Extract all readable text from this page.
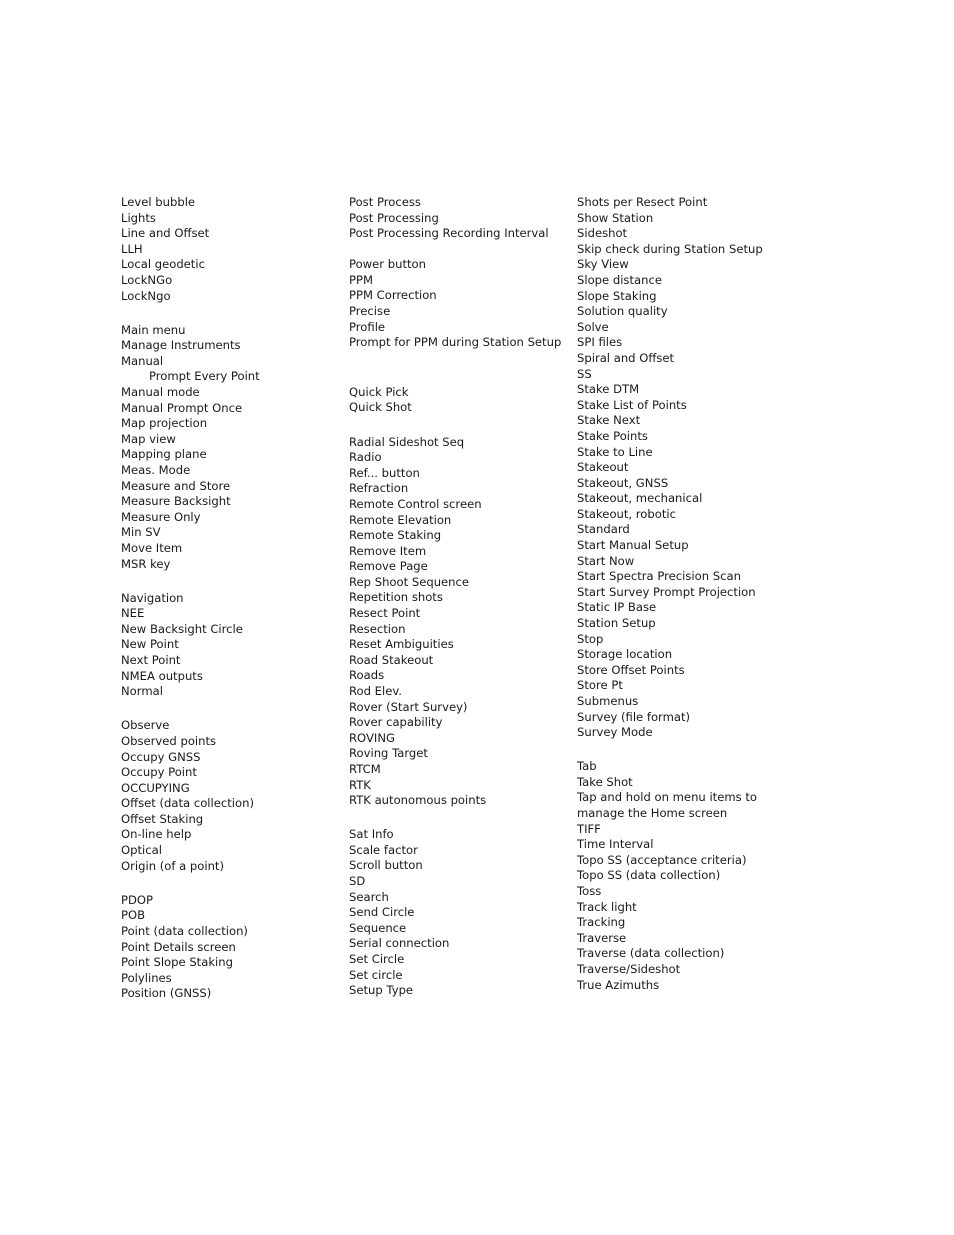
Level bubble
Lights
Line and Offset
LLH
Local geodetic
LockNGo
LockNgo
Main menu
Manage Instruments
Manual
Prompt Every Point
Manual mode
Manual Prompt Once
Map projection
Map view
Mapping plane
Meas. Mode
Measure and Store
Measure Backsight
Measure Only
Min SV
Move Item
MSR key
Navigation
NEE
New Backsight Circle
New Point
Next Point
NMEA outputs
Normal
Observe
Observed points
Occupy GNSS
Occupy Point
OCCUPYING
Offset (data collection)
Offset Staking
On-line help
Optical
Origin (of a point)
PDOP
POB
Point (data collection)
Point Details screen
Point Slope Staking
Polylines
Position (GNSS)
Post Process
Post Processing
Post Processing Recording Interval
Power button
PPM
PPM Correction
Precise
Profile
Prompt for PPM during Station Setup
Quick Pick
Quick Shot
Radial Sideshot Seq
Radio
Ref... button
Refraction
Remote Control screen
Remote Elevation
Remote Staking
Remove Item
Remove Page
Rep Shoot Sequence
Repetition shots
Resect Point
Resection
Reset Ambiguities
Road Stakeout
Roads
Rod Elev.
Rover (Start Survey)
Rover capability
ROVING
Roving Target
RTCM
RTK
RTK autonomous points
Sat Info
Scale factor
Scroll button
SD
Search
Send Circle
Sequence
Serial connection
Set Circle
Set circle
Setup Type
Shots per Resect Point
Show Station
Sideshot
Skip check during Station Setup
Sky View
Slope distance
Slope Staking
Solution quality
Solve
SPI files
Spiral and Offset
SS
Stake DTM
Stake List of Points
Stake Next
Stake Points
Stake to Line
Stakeout
Stakeout, GNSS
Stakeout, mechanical
Stakeout, robotic
Standard
Start Manual Setup
Start Now
Start Spectra Precision Scan
Start Survey Prompt Projection
Static IP Base
Station Setup
Stop
Storage location
Store Offset Points
Store Pt
Submenus
Survey (file format)
Survey Mode
Tab
Take Shot
Tap and hold on menu items to
manage the Home screen
TIFF
Time Interval
Topo SS (acceptance criteria)
Topo SS (data collection)
Toss
Track light
Tracking
Traverse
Traverse (data collection)
Traverse/Sideshot
True Azimuths
